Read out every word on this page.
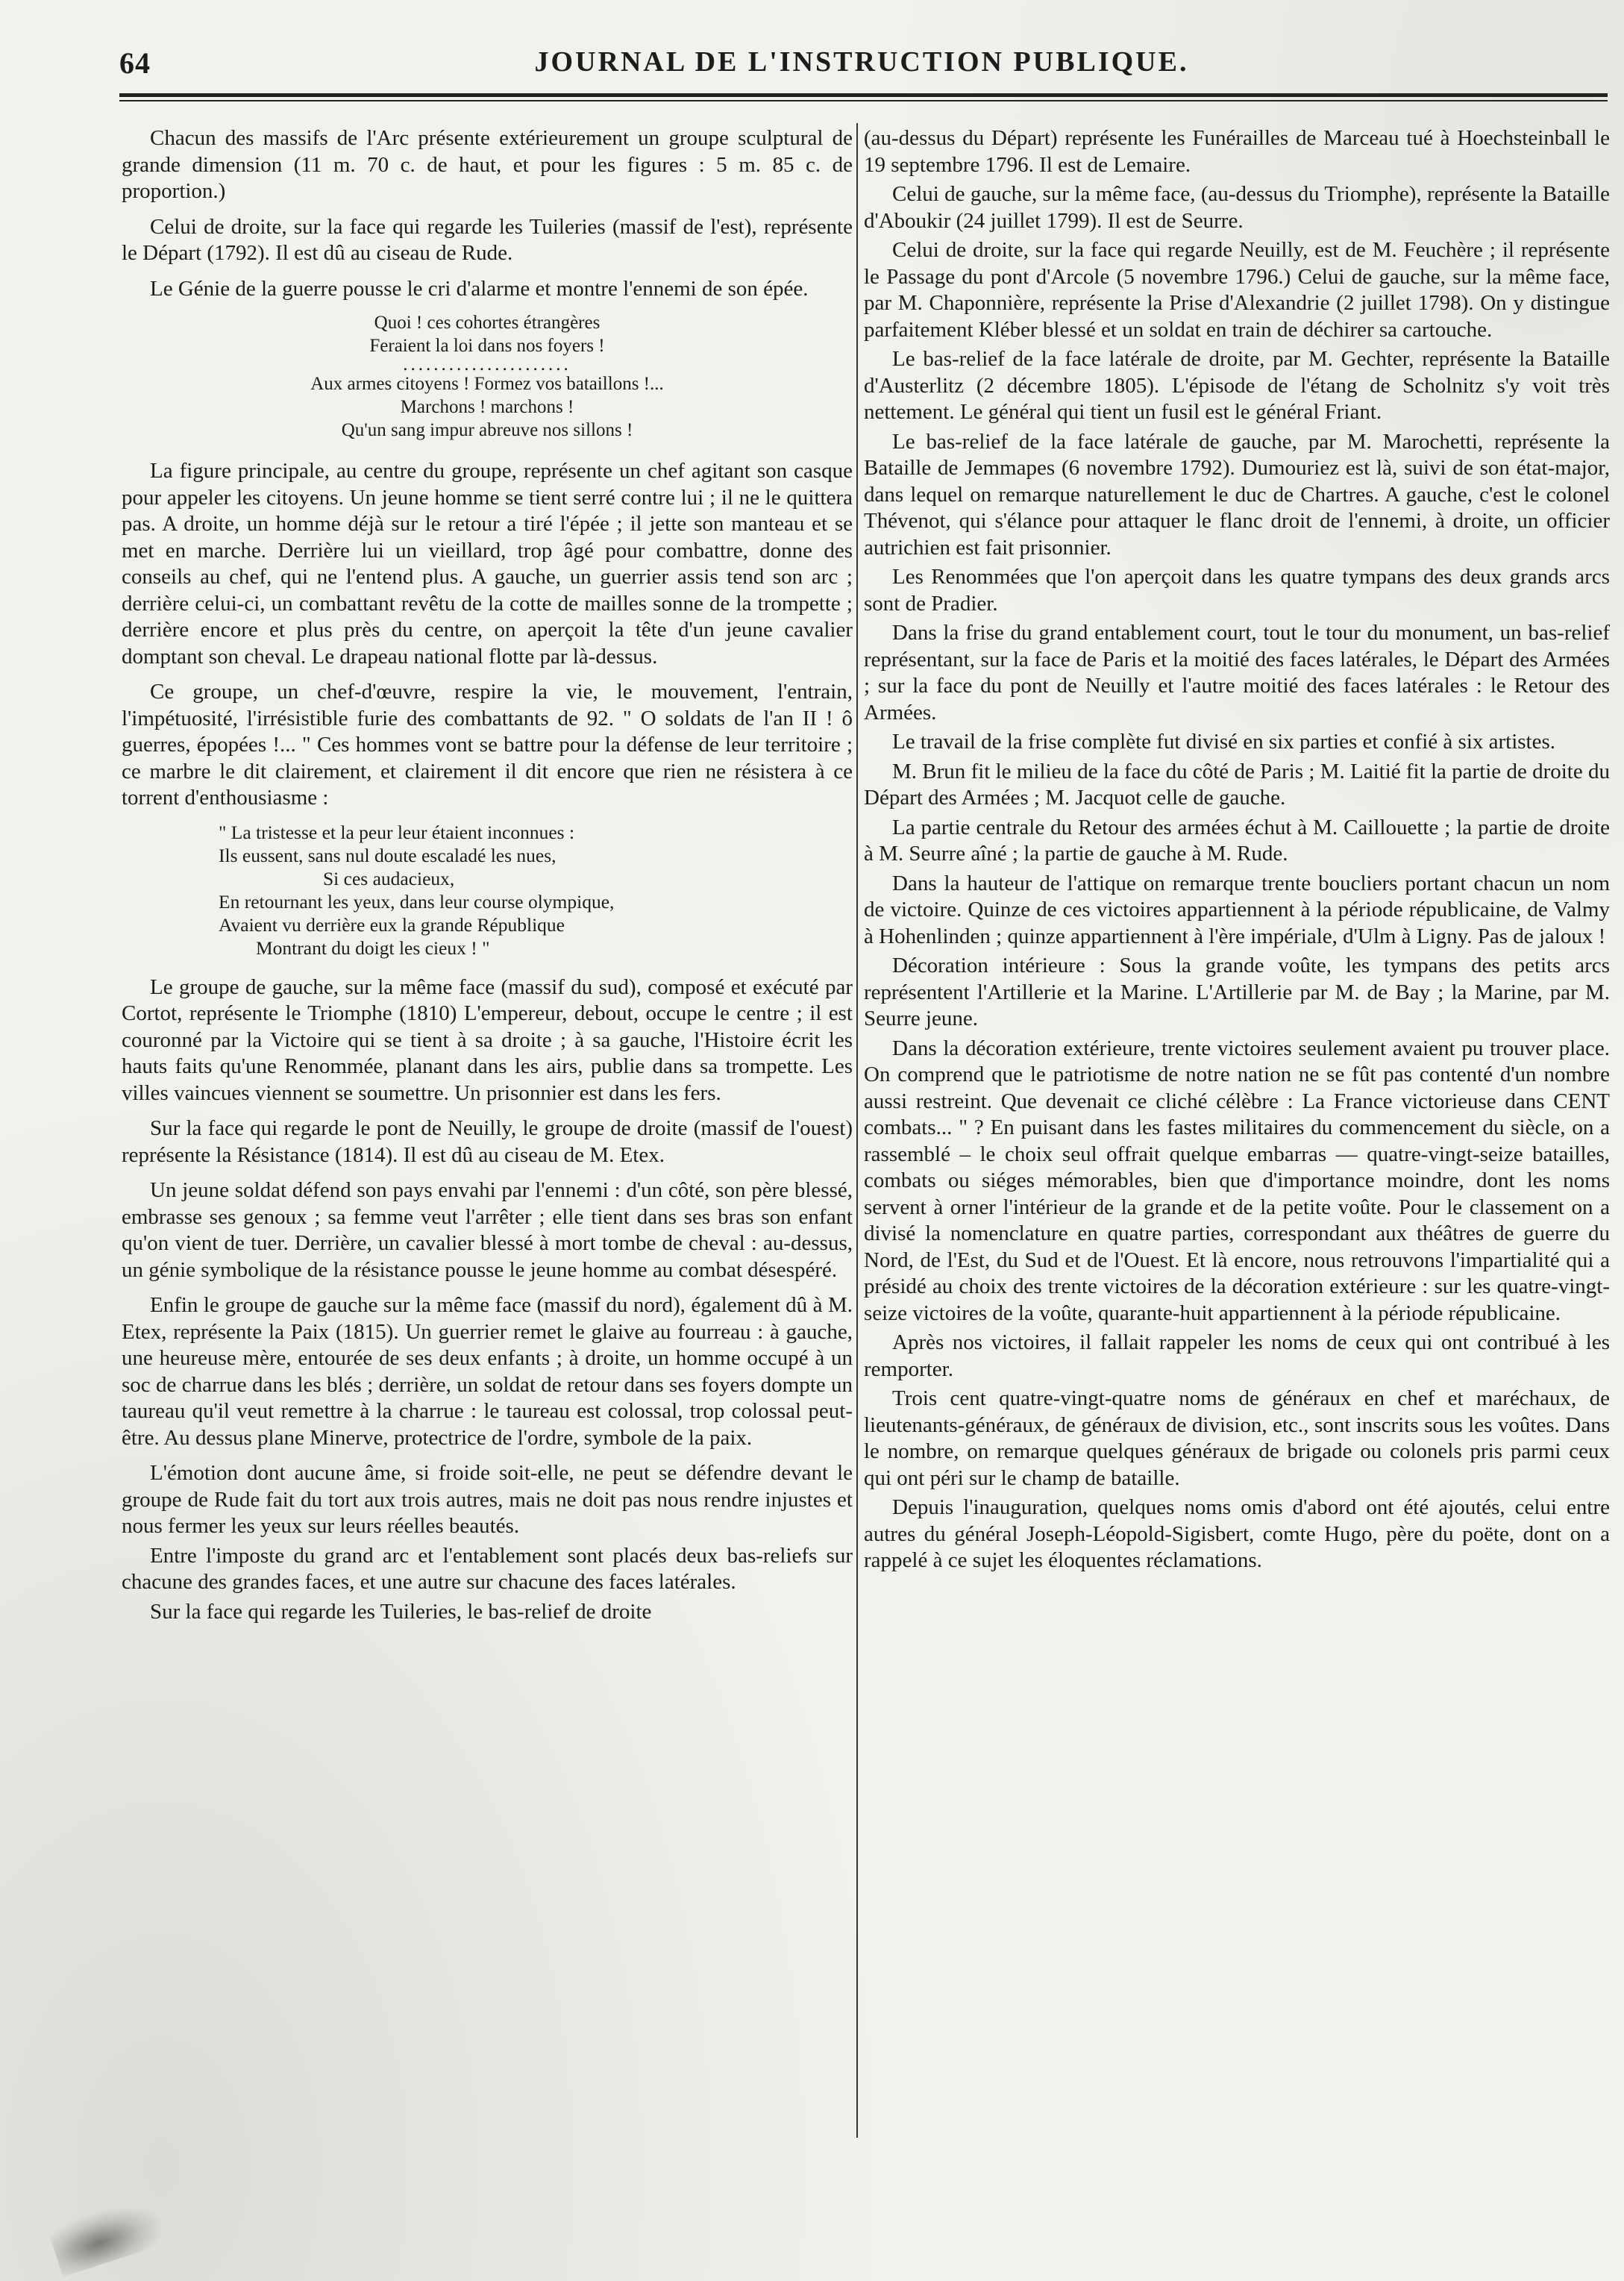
64	JOURNAL DE L'INSTRUCTION PUBLIQUE.

Chacun des massifs de l'Arc présente extérieurement un groupe sculptural de grande dimension (11 m. 70 c. de haut, et pour les figures : 5 m. 85 c. de proportion.)

Celui de droite, sur la face qui regarde les Tuileries (massif de l'est), représente le Départ (1792). Il est dû au ciseau de Rude.

Le Génie de la guerre pousse le cri d'alarme et montre l'ennemi de son épée.

Quoi ! ces cohortes étrangères
Feraient la loi dans nos foyers !
......................
Aux armes citoyens ! Formez vos bataillons !...
Marchons ! marchons !
Qu'un sang impur abreuve nos sillons !

La figure principale, au centre du groupe, représente un chef agitant son casque pour appeler les citoyens. Un jeune homme se tient serré contre lui ; il ne le quittera pas. A droite, un homme déjà sur le retour a tiré l'épée ; il jette son manteau et se met en marche. Derrière lui un vieillard, trop âgé pour combattre, donne des conseils au chef, qui ne l'entend plus. A gauche, un guerrier assis tend son arc ; derrière celui-ci, un combattant revêtu de la cotte de mailles sonne de la trompette ; derrière encore et plus près du centre, on aperçoit la tête d'un jeune cavalier domptant son cheval. Le drapeau national flotte par là-dessus.

Ce groupe, un chef-d'œuvre, respire la vie, le mouvement, l'entrain, l'impétuosité, l'irrésistible furie des combattants de 92. " O soldats de l'an II ! ô guerres, épopées !... " Ces hommes vont se battre pour la défense de leur territoire ; ce marbre le dit clairement, et clairement il dit encore que rien ne résistera à ce torrent d'enthousiasme :

" La tristesse et la peur leur étaient inconnues :
Ils eussent, sans nul doute escaladé les nues,
Si ces audacieux,
En retournant les yeux, dans leur course olympique,
Avaient vu derrière eux la grande République
Montrant du doigt les cieux ! "

Le groupe de gauche, sur la même face (massif du sud), composé et exécuté par Cortot, représente le Triomphe (1810) L'empereur, debout, occupe le centre ; il est couronné par la Victoire qui se tient à sa droite ; à sa gauche, l'Histoire écrit les hauts faits qu'une Renommée, planant dans les airs, publie dans sa trompette. Les villes vaincues viennent se soumettre. Un prisonnier est dans les fers.

Sur la face qui regarde le pont de Neuilly, le groupe de droite (massif de l'ouest) représente la Résistance (1814). Il est dû au ciseau de M. Etex.

Un jeune soldat défend son pays envahi par l'ennemi : d'un côté, son père blessé, embrasse ses genoux ; sa femme veut l'arrêter ; elle tient dans ses bras son enfant qu'on vient de tuer. Derrière, un cavalier blessé à mort tombe de cheval : au-dessus, un génie symbolique de la résistance pousse le jeune homme au combat désespéré.

Enfin le groupe de gauche sur la même face (massif du nord), également dû à M. Etex, représente la Paix (1815). Un guerrier remet le glaive au fourreau : à gauche, une heureuse mère, entourée de ses deux enfants ; à droite, un homme occupé à un soc de charrue dans les blés ; derrière, un soldat de retour dans ses foyers dompte un taureau qu'il veut remettre à la charrue : le taureau est colossal, trop colossal peut-être. Au dessus plane Minerve, protectrice de l'ordre, symbole de la paix.

L'émotion dont aucune âme, si froide soit-elle, ne peut se défendre devant le groupe de Rude fait du tort aux trois autres, mais ne doit pas nous rendre injustes et nous fermer les yeux sur leurs réelles beautés.

Entre l'imposte du grand arc et l'entablement sont placés deux bas-reliefs sur chacune des grandes faces, et une autre sur chacune des faces latérales.

Sur la face qui regarde les Tuileries, le bas-relief de droite

(au-dessus du Départ) représente les Funérailles de Marceau tué à Hoechsteinball le 19 septembre 1796. Il est de Lemaire.

Celui de gauche, sur la même face, (au-dessus du Triomphe), représente la Bataille d'Aboukir (24 juillet 1799). Il est de Seurre.

Celui de droite, sur la face qui regarde Neuilly, est de M. Feuchère ; il représente le Passage du pont d'Arcole (5 novembre 1796.) Celui de gauche, sur la même face, par M. Chaponnière, représente la Prise d'Alexandrie (2 juillet 1798). On y distingue parfaitement Kléber blessé et un soldat en train de déchirer sa cartouche.

Le bas-relief de la face latérale de droite, par M. Gechter, représente la Bataille d'Austerlitz (2 décembre 1805). L'épisode de l'étang de Scholnitz s'y voit très nettement. Le général qui tient un fusil est le général Friant.

Le bas-relief de la face latérale de gauche, par M. Marochetti, représente la Bataille de Jemmapes (6 novembre 1792). Dumouriez est là, suivi de son état-major, dans lequel on remarque naturellement le duc de Chartres. A gauche, c'est le colonel Thévenot, qui s'élance pour attaquer le flanc droit de l'ennemi, à droite, un officier autrichien est fait prisonnier.

Les Renommées que l'on aperçoit dans les quatre tympans des deux grands arcs sont de Pradier.

Dans la frise du grand entablement court, tout le tour du monument, un bas-relief représentant, sur la face de Paris et la moitié des faces latérales, le Départ des Armées ; sur la face du pont de Neuilly et l'autre moitié des faces latérales : le Retour des Armées.

Le travail de la frise complète fut divisé en six parties et confié à six artistes.

M. Brun fit le milieu de la face du côté de Paris ; M. Laitié fit la partie de droite du Départ des Armées ; M. Jacquot celle de gauche.

La partie centrale du Retour des armées échut à M. Caillouette ; la partie de droite à M. Seurre aîné ; la partie de gauche à M. Rude.

Dans la hauteur de l'attique on remarque trente boucliers portant chacun un nom de victoire. Quinze de ces victoires appartiennent à la période républicaine, de Valmy à Hohenlinden ; quinze appartiennent à l'ère impériale, d'Ulm à Ligny. Pas de jaloux !

Décoration intérieure : Sous la grande voûte, les tympans des petits arcs représentent l'Artillerie et la Marine. L'Artillerie par M. de Bay ; la Marine, par M. Seurre jeune.

Dans la décoration extérieure, trente victoires seulement avaient pu trouver place. On comprend que le patriotisme de notre nation ne se fût pas contenté d'un nombre aussi restreint. Que devenait ce cliché célèbre : La France victorieuse dans CENT combats... " ? En puisant dans les fastes militaires du commencement du siècle, on a rassemblé – le choix seul offrait quelque embarras — quatre-vingt-seize batailles, combats ou siéges mémorables, bien que d'importance moindre, dont les noms servent à orner l'intérieur de la grande et de la petite voûte. Pour le classement on a divisé la nomenclature en quatre parties, correspondant aux théâtres de guerre du Nord, de l'Est, du Sud et de l'Ouest. Et là encore, nous retrouvons l'impartialité qui a présidé au choix des trente victoires de la décoration extérieure : sur les quatre-vingt-seize victoires de la voûte, quarante-huit appartiennent à la période républicaine.

Après nos victoires, il fallait rappeler les noms de ceux qui ont contribué à les remporter.

Trois cent quatre-vingt-quatre noms de généraux en chef et maréchaux, de lieutenants-généraux, de généraux de division, etc., sont inscrits sous les voûtes. Dans le nombre, on remarque quelques généraux de brigade ou colonels pris parmi ceux qui ont péri sur le champ de bataille.

Depuis l'inauguration, quelques noms omis d'abord ont été ajoutés, celui entre autres du général Joseph-Léopold-Sigisbert, comte Hugo, père du poëte, dont on a rappelé à ce sujet les éloquentes réclamations.
